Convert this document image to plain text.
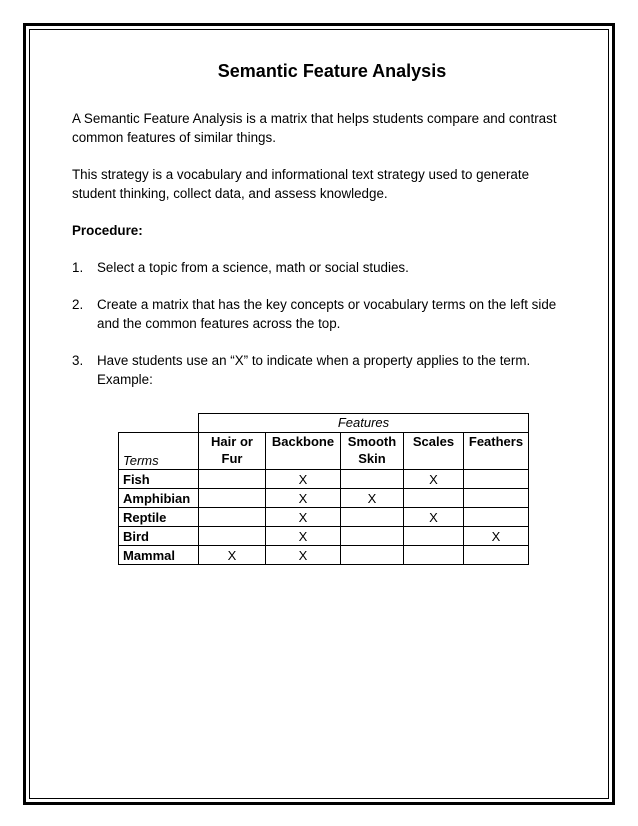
Semantic Feature Analysis

A Semantic Feature Analysis is a matrix that helps students compare and contrast common features of similar things.

This strategy is a vocabulary and informational text strategy used to generate student thinking, collect data, and assess knowledge.

Procedure:
1. Select a topic from a science, math or social studies.
2. Create a matrix that has the key concepts or vocabulary terms on the left side and the common features across the top.
3. Have students use an “X” to indicate when a property applies to the term.
Example:
	Features				
Terms	Hair or Fur	Backbone	Smooth Skin	Scales	Feathers
Fish		X		X	
Amphibian		X	X		
Reptile		X		X	
Bird		X			X
Mammal	X	X			
